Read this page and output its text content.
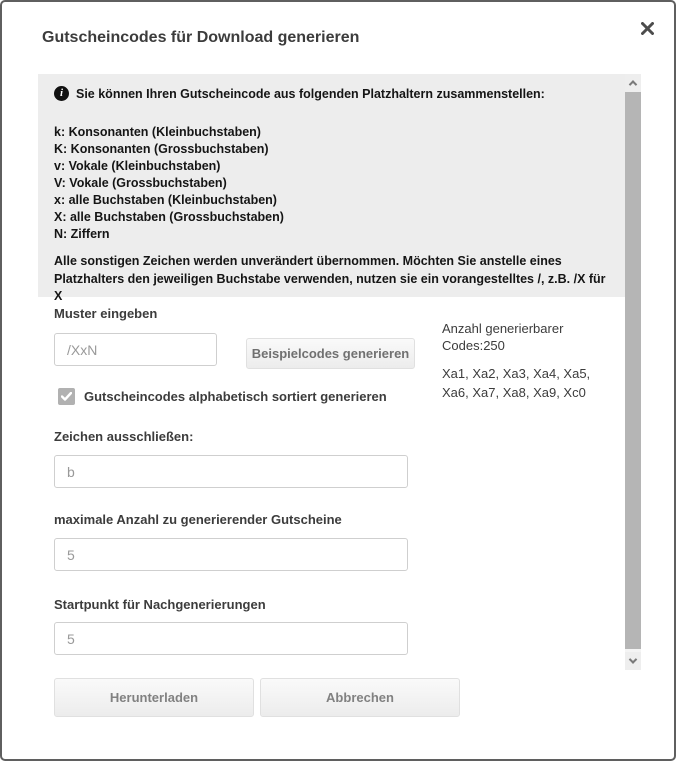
Gutscheincodes für Download generieren
i Sie können Ihren Gutscheincode aus folgenden Platzhaltern zusammenstellen:
k: Konsonanten (Kleinbuchstaben)
K: Konsonanten (Grossbuchstaben)
v: Vokale (Kleinbuchstaben)
V: Vokale (Grossbuchstaben)
x: alle Buchstaben (Kleinbuchstaben)
X: alle Buchstaben (Grossbuchstaben)
N: Ziffern
Alle sonstigen Zeichen werden unverändert übernommen. Möchten Sie anstelle eines Platzhalters den jeweiligen Buchstabe verwenden, nutzen sie ein vorangestelltes /, z.B. /X für X
Muster eingeben
/XxN
Beispielcodes generieren
Anzahl generierbarer Codes:250
Xa1, Xa2, Xa3, Xa4, Xa5, Xa6, Xa7, Xa8, Xa9, Xc0
Gutscheincodes alphabetisch sortiert generieren
Zeichen ausschließen:
b
maximale Anzahl zu generierender Gutscheine
5
Startpunkt für Nachgenerierungen
5
Herunterladen	Abbrechen
